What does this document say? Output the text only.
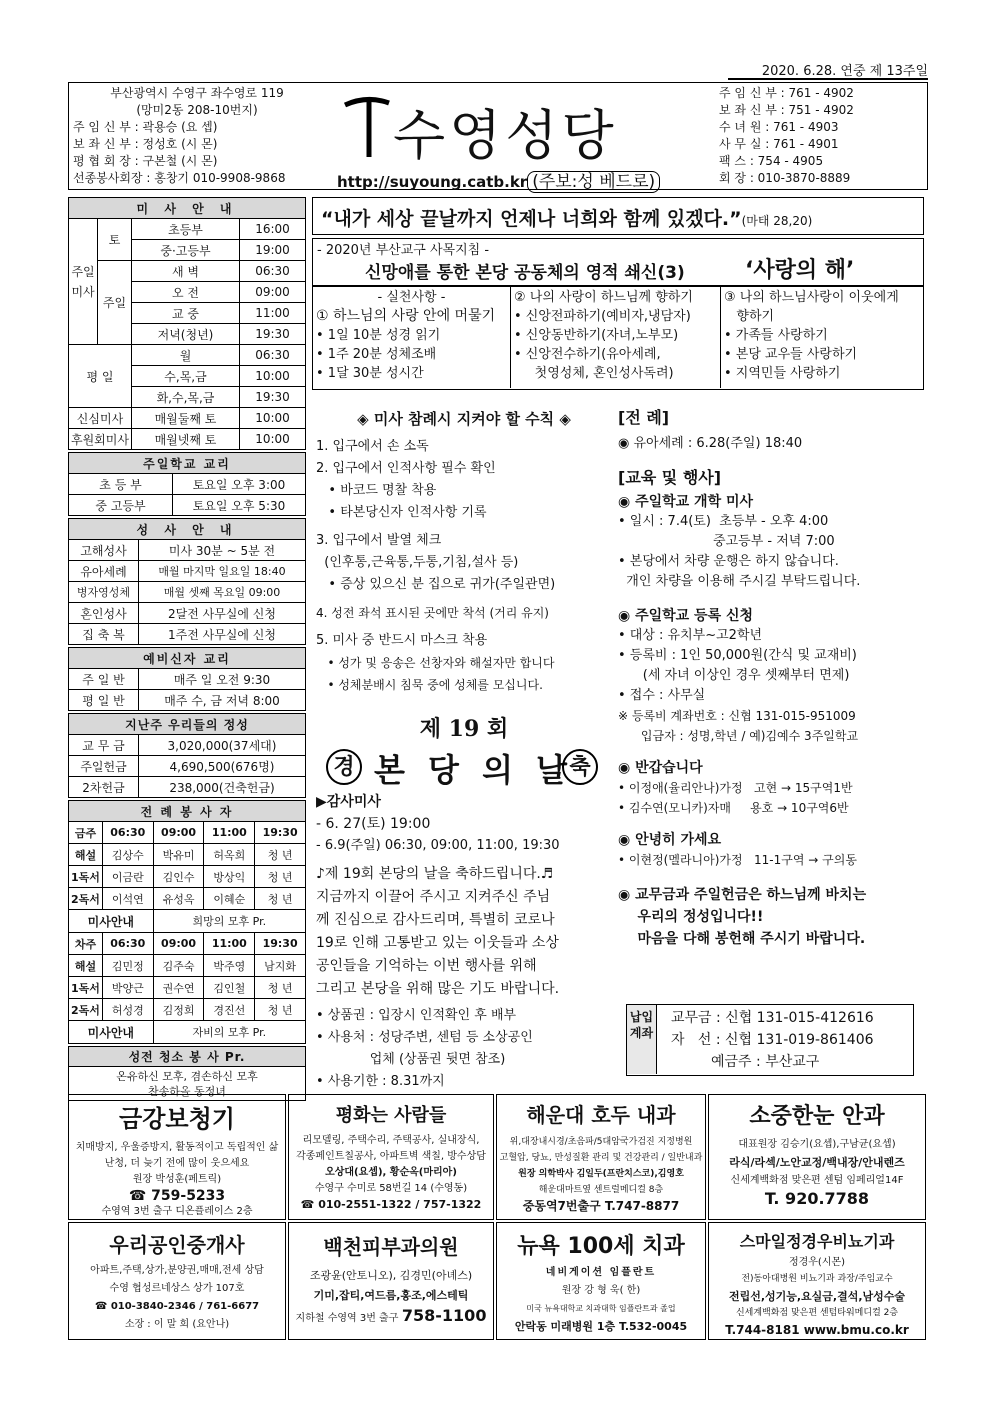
2020. 6.28. 연중 제 13주일
부산광역시 수영구 좌수영로 119
(망미2동 208-10번지)
주 임 신 부 : 곽용승 (요 셉)
보 좌 신 부 : 정성호 (시 몬)
평 협 회 장 : 구본철 (시 몬)
선종봉사회장 : 홍창기 010-9908-9868
수영성당
http://suyoung.catb.kr (주보:성 베드로)
주 임 신 부 : 761 - 4902
보 좌 신 부 : 751 - 4902
수 녀 원 : 761 - 4903
사 무 실 : 761 - 4901
팩 스 : 754 - 4905
회 장 : 010-3870-8889
미 사 안 내			
주일미사	토	초등부	16:00
		중·고등부	19:00
	주일	새 벽	06:30
		오 전	09:00
		교 중	11:00
		저녁(청년)	19:30
평 일		월	06:30
		수,목,금	10:00
		화,수,목,금	19:30
신심미사		매월둘째 토	10:00
후원회미사		매월넷째 토	10:00
주일학교 교리	
초 등 부	토요일 오후 3:00
중 고등부	토요일 오후 5:30
성 사 안 내	
고해성사	미사 30분 ~ 5분 전
유아세례	매월 마지막 일요일 18:40
병자영성체	매월 셋째 목요일 09:00
혼인성사	2달전 사무실에 신청
집 축 복	1주전 사무실에 신청
예비신자 교리	
주 일 반	매주 일 오전 9:30
평 일 반	매주 수, 금 저녁 8:00
지난주 우리들의 정성	
교 무 금	3,020,000(37세대)
주일헌금	4,690,500(676명)
2차헌금	238,000(건축헌금)
전 례 봉 사 자				
금주	06:30	09:00	11:00	19:30
해설	김상수	박유미	허옥희	청 년
1독서	이금란	김인수	방상익	청 년
2독서	이석연	유성옥	이혜순	청 년
미사안내		희망의 모후 Pr.		
차주	06:30	09:00	11:00	19:30
해설	김민정	김주숙	박주영	남지화
1독서	박양근	권수연	김인철	청 년
2독서	허성경	김정희	경진선	청 년
미사안내		자비의 모후 Pr.		
성전 청소 봉 사 Pr.

온유하신 모후, 겸손하신 모후
찬송하올 동정녀
“내가 세상 끝날까지 언제나 너희와 함께 있겠다.”(마태 28,20)
- 2020년 부산교구 사목지침 -
신망애를 통한 본당 공동체의 영적 쇄신(3)	‘사랑의 해’
- 실천사항 -
① 하느님의 사랑 안에 머물기
• 1일 10분 성경 읽기
• 1주 20분 성체조배
• 1달 30분 성시간
② 나의 사랑이 하느님께 향하기
• 신앙전파하기(예비자,냉담자)
• 신앙동반하기(자녀,노부모)
• 신앙전수하기(유아세례,
첫영성체, 혼인성사독려)
③ 나의 하느님사랑이 이웃에게
향하기
• 가족들 사랑하기
• 본당 교우들 사랑하기
• 지역민들 사랑하기
◈ 미사 참례시 지켜야 할 수칙 ◈
1. 입구에서 손 소독
2. 입구에서 인적사항 필수 확인
• 바코드 명찰 착용
• 타본당신자 인적사항 기록
3. 입구에서 발열 체크
(인후통,근육통,두통,기침,설사 등)
• 증상 있으신 분 집으로 귀가(주일관면)
4. 성전 좌석 표시된 곳에만 착석 (거리 유지)
5. 미사 중 반드시 마스크 착용
• 성가 및 응송은 선창자와 해설자만 합니다
• 성체분배시 침묵 중에 성체를 모십니다.
제 19 회
경 본 당 의 날
축
▶감사미사
- 6. 27(토) 19:00
- 6.9(주일) 06:30, 09:00, 11:00, 19:30
♪제 19회 본당의 날을 축하드립니다.♬
지금까지 이끌어 주시고 지켜주신 주님
께 진심으로 감사드리며, 특별히 코로나
19로 인해 고통받고 있는 이웃들과 소상
공인들을 기억하는 이번 행사를 위해
그리고 본당을 위해 많은 기도 바랍니다.
• 상품권 : 입장시 인적확인 후 배부
• 사용처 : 성당주변, 센텀 등 소상공인
업체 (상품권 뒷면 참조)
• 사용기한 : 8.31까지
[전 례]
◉ 유아세례 : 6.28(주일) 18:40
[교육 및 행사]
◉ 주일학교 개학 미사
• 일시 : 7.4(토)  초등부 - 오후 4:00
중고등부 - 저녁 7:00
• 본당에서 차량 운행은 하지 않습니다.
개인 차량을 이용해 주시길 부탁드립니다.
◉ 주일학교 등록 신청
• 대상 : 유치부~고2학년
• 등록비 : 1인 50,000원(간식 및 교재비)
(세 자녀 이상인 경우 셋째부터 면제)
• 접수 : 사무실
※ 등록비 계좌번호 : 신협 131-015-951009
입금자 : 성명,학년 / 예)김예수 3주일학교
◉ 반갑습니다
• 이정애(율리안나)가정   고현 → 15구역1반
• 김수연(모니카)자매     용호 → 10구역6반
◉ 안녕히 가세요
• 이현정(멜라니아)가정   11-1구역 → 구의동
◉ 교무금과 주일헌금은 하느님께 바치는
우리의 정성입니다!!
마음을 다해 봉헌해 주시기 바랍니다.
납입계좌
교무금 : 신협 131-015-412616
자   선 : 신협 131-019-861406
예금주 : 부산교구
금강보청기
치매방지, 우울증방지, 활동적이고 독립적인 삶
난청, 더 늦기 전에 많이 웃으세요
원장 박성훈(페트릭)
☎ 759-5233
수영역 3번 출구 디온플레이스 2층
평화는 사람들
리모델링, 주택수리, 주택공사, 실내장식,
각종페인트칠공사, 아파트벽 색칠, 방수상담
오상대(요셉), 황순옥(마리아)
수영구 수미로 58번길 14 (수영동)
☎ 010-2551-1322 / 757-1322
해운대 호두 내과
위,대장내시경/초음파/5대암국가검진 지정병원
고혈압, 당뇨, 만성질환 관리 및 건강관리 / 일반내과
원장 의학박사 김일두(프란치스코),김영호
해운대마트옆 센트럴메디컬 8층
중동역7번출구 T.747-8877
소중한눈 안과
대표원장 김승기(요셉),구남균(요셉)
라식/라섹/노안교정/백내장/안내렌즈
신세계백화점 맞은편 센텀 임페리얼14F
T. 920.7788
우리공인중개사
아파트,주택,상가,분양권,매매,전세 상담
수영 협성르네상스 상가 107호
☎ 010-3840-2346 / 761-6677
소장 : 이 말 희 (요안나)
백천피부과의원
조광윤(안토니오), 김경민(아녜스)
기미,잡티,여드름,홍조,에스테틱
지하철 수영역 3번 출구 758-1100
뉴욕 100세 치과
네비게이션 임플란트
원장 강 형 욱( 한)
미국 뉴욕대학교 치과대학 임플란트과 졸업
안락동 미래병원 1층 T.532-0045
스마일정경우비뇨기과
정경우(시몬)
전)동아대병원 비뇨기과 과장/주임교수
전립선,성기능,요실금,결석,남성수술
신세계백화점 맞은편 센텀타워메디컬 2층
T.744-8181 www.bmu.co.kr
